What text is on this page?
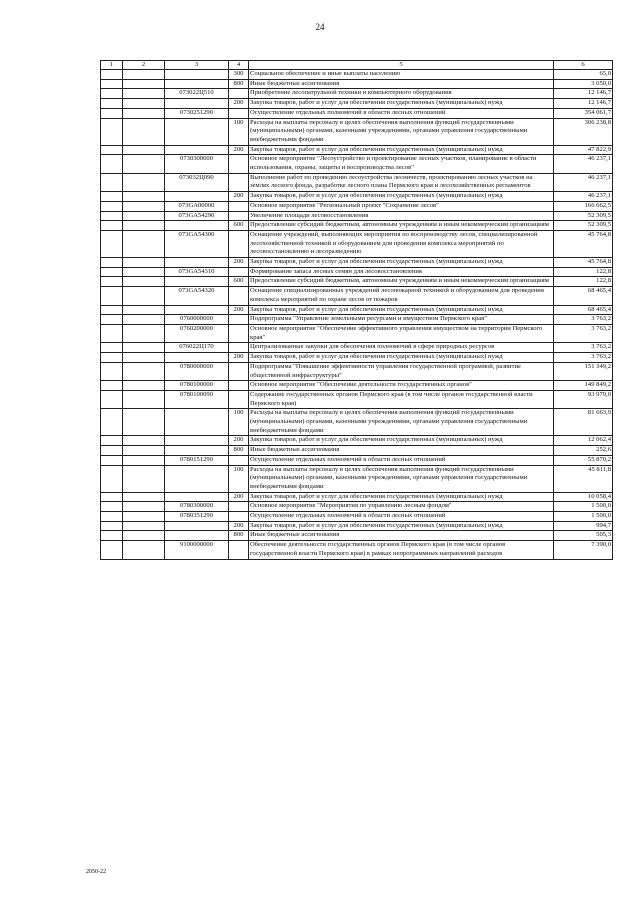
24
1	2	3	4	5	6
			300	Социальное обеспечение и иные выплаты населению	65,0
			800	Иные бюджетные ассигнования	3 050,0
		073022Ц510		Приобретение лесопатрульной техники и компьютерного оборудования	12 146,7
			200	Закупка товаров, работ и услуг для обеспечения государственных (муниципальных) нужд	12 146,7
		0730251290		Осуществление отдельных полномочий в области лесных отношений	354 061,7
			100	Расходы на выплаты персоналу в целях обеспечения выполнения функций государственными (муниципальными) органами, казенными учреждениями, органами управления государственными внебюджетными фондами	306 238,8
			200	Закупка товаров, работ и услуг для обеспечения государственных (муниципальных) нужд	47 822,9
		0730300000		Основное мероприятие "Лесоустройство и проектирование лесных участков, планирование в области использования, охраны, защиты и воспроизводства лесов"	46 237,1
		073032Ц090		Выполнение работ по проведению лесоустройства лесничеств, проектированию лесных участков на землях лесного фонда, разработке лесного плана Пермского края и лесохозяйственных регламентов	46 237,1
			200	Закупка товаров, работ и услуг для обеспечения государственных (муниципальных) нужд	46 237,1
		073GA00000		Основное мероприятие "Региональный проект "Сохранение лесов"	166 662,5
		073GA54290		Увеличение площади лесовосстановления	52 309,5
			600	Предоставление субсидий бюджетным, автономным учреждениям и иным некоммерческим организациям	52 309,5
		073GA54300		Оснащение учреждений, выполняющих мероприятия по воспроизводству лесов, специализированной лесохозяйственной техникой и оборудованием для проведения комплекса мероприятий по лесовосстановлению и лесоразведению	45 764,8
			200	Закупка товаров, работ и услуг для обеспечения государственных (муниципальных) нужд	45 764,8
		073GA54310		Формирование запаса лесных семян для лесовосстановления	122,8
			600	Предоставление субсидий бюджетным, автономным учреждениям и иным некоммерческим организациям	122,8
		073GA54320		Оснащение специализированных учреждений лесопожарной техникой и оборудованием для проведения комплекса мероприятий по охране лесов от пожаров	68 465,4
			200	Закупка товаров, работ и услуг для обеспечения государственных (муниципальных) нужд	68 465,4
		0760000000		Подпрограмма "Управление земельными ресурсами и имуществом Пермского края"	3 763,2
		0760200000		Основное мероприятие "Обеспечение эффективного управления имуществом на территории Пермского края"	3 763,2
		076022Ц170		Централизованные закупки для обеспечения полномочий в сфере природных ресурсов	3 763,2
			200	Закупка товаров, работ и услуг для обеспечения государственных (муниципальных) нужд	3 763,2
		0780000000		Подпрограмма "Повышение эффективности управления государственной программой, развитие общественной инфраструктуры"	151 349,2
		0780100000		Основное мероприятие "Обеспечение деятельности государственных органов"	149 849,2
		0780100090		Содержание государственных органов Пермского края (в том числе органов государственной власти Пермского края)	93 979,0
			100	Расходы на выплаты персоналу в целях обеспечения выполнения функций государственными (муниципальными) органами, казенными учреждениями, органами управления государственными внебюджетными фондами	81 663,9
			200	Закупка товаров, работ и услуг для обеспечения государственных (муниципальных) нужд	12 062,4
			800	Иные бюджетные ассигнования	252,6
		0780151290		Осуществление отдельных полномочий в области лесных отношений	55 870,2
			100	Расходы на выплаты персоналу в целях обеспечения выполнения функций государственными (муниципальными) органами, казенными учреждениями, органами управления государственными внебюджетными фондами	45 811,8
			200	Закупка товаров, работ и услуг для обеспечения государственных (муниципальных) нужд	10 058,4
		0780300000		Основное мероприятие "Мероприятия по управлению лесным фондом"	1 500,0
		0780351290		Осуществление отдельных полномочий в области лесных отношений	1 500,0
			200	Закупка товаров, работ и услуг для обеспечения государственных (муниципальных) нужд	994,7
			800	Иные бюджетные ассигнования	505,3
		9100000000		Обеспечение деятельности государственных органов Пермского края (в том числе органов государственной власти Пермского края) в рамках непрограммных направлений расходов	7 390,0
2050-22
